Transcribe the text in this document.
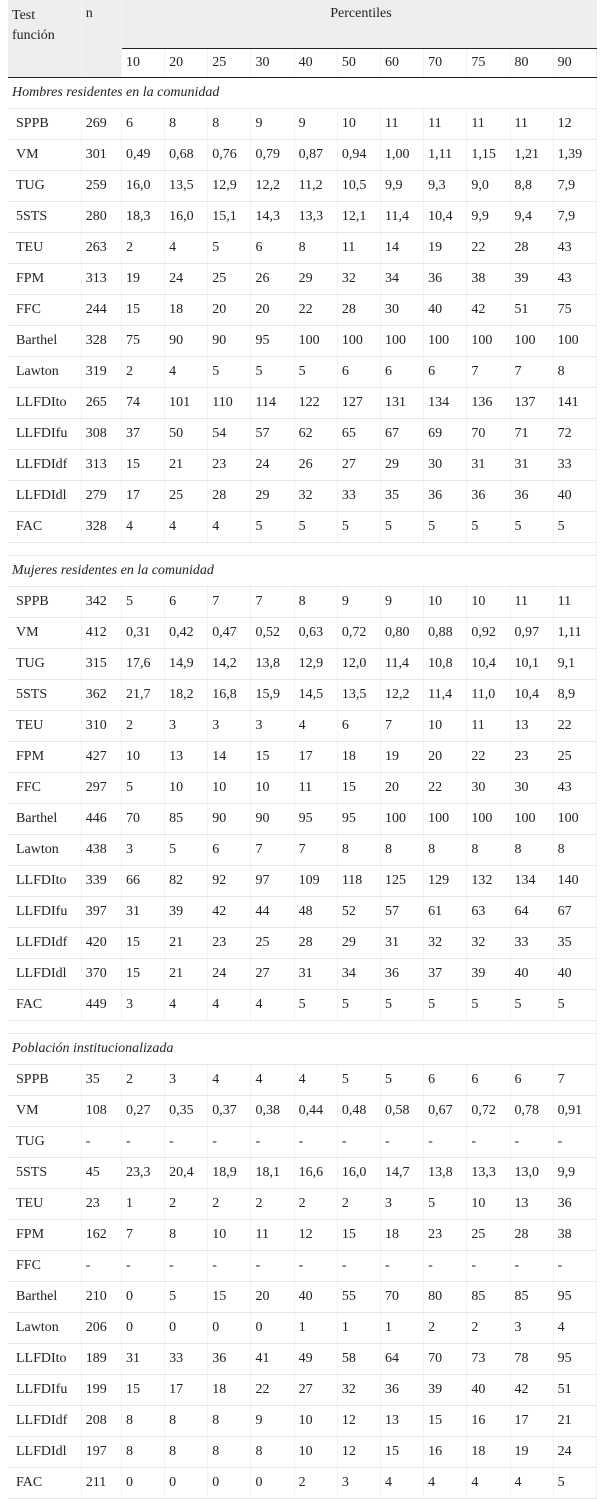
Test función	n	Percentiles										
		10	20	25	30	40	50	60	70	75	80	90
Hombres residentes en la comunidad												
SPPB	269	6	8	8	9	9	10	11	11	11	11	12
VM	301	0,49	0,68	0,76	0,79	0,87	0,94	1,00	1,11	1,15	1,21	1,39
TUG	259	16,0	13,5	12,9	12,2	11,2	10,5	9,9	9,3	9,0	8,8	7,9
5STS	280	18,3	16,0	15,1	14,3	13,3	12,1	11,4	10,4	9,9	9,4	7,9
TEU	263	2	4	5	6	8	11	14	19	22	28	43
FPM	313	19	24	25	26	29	32	34	36	38	39	43
FFC	244	15	18	20	20	22	28	30	40	42	51	75
Barthel	328	75	90	90	95	100	100	100	100	100	100	100
Lawton	319	2	4	5	5	5	6	6	6	7	7	8
LLFDIto	265	74	101	110	114	122	127	131	134	136	137	141
LLFDIfu	308	37	50	54	57	62	65	67	69	70	71	72
LLFDIdf	313	15	21	23	24	26	27	29	30	31	31	33
LLFDIdl	279	17	25	28	29	32	33	35	36	36	36	40
FAC	328	4	4	4	5	5	5	5	5	5	5	5

Mujeres residentes en la comunidad												
SPPB	342	5	6	7	7	8	9	9	10	10	11	11
VM	412	0,31	0,42	0,47	0,52	0,63	0,72	0,80	0,88	0,92	0,97	1,11
TUG	315	17,6	14,9	14,2	13,8	12,9	12,0	11,4	10,8	10,4	10,1	9,1
5STS	362	21,7	18,2	16,8	15,9	14,5	13,5	12,2	11,4	11,0	10,4	8,9
TEU	310	2	3	3	3	4	6	7	10	11	13	22
FPM	427	10	13	14	15	17	18	19	20	22	23	25
FFC	297	5	10	10	10	11	15	20	22	30	30	43
Barthel	446	70	85	90	90	95	95	100	100	100	100	100
Lawton	438	3	5	6	7	7	8	8	8	8	8	8
LLFDIto	339	66	82	92	97	109	118	125	129	132	134	140
LLFDIfu	397	31	39	42	44	48	52	57	61	63	64	67
LLFDIdf	420	15	21	23	25	28	29	31	32	32	33	35
LLFDIdl	370	15	21	24	27	31	34	36	37	39	40	40
FAC	449	3	4	4	4	5	5	5	5	5	5	5

Población institucionalizada												
SPPB	35	2	3	4	4	4	5	5	6	6	6	7
VM	108	0,27	0,35	0,37	0,38	0,44	0,48	0,58	0,67	0,72	0,78	0,91
TUG	-	-	-	-	-	-	-	-	-	-	-	-
5STS	45	23,3	20,4	18,9	18,1	16,6	16,0	14,7	13,8	13,3	13,0	9,9
TEU	23	1	2	2	2	2	2	3	5	10	13	36
FPM	162	7	8	10	11	12	15	18	23	25	28	38
FFC	-	-	-	-	-	-	-	-	-	-	-	-
Barthel	210	0	5	15	20	40	55	70	80	85	85	95
Lawton	206	0	0	0	0	1	1	1	2	2	3	4
LLFDIto	189	31	33	36	41	49	58	64	70	73	78	95
LLFDIfu	199	15	17	18	22	27	32	36	39	40	42	51
LLFDIdf	208	8	8	8	9	10	12	13	15	16	17	21
LLFDIdl	197	8	8	8	8	10	12	15	16	18	19	24
FAC	211	0	0	0	0	2	3	4	4	4	4	5
